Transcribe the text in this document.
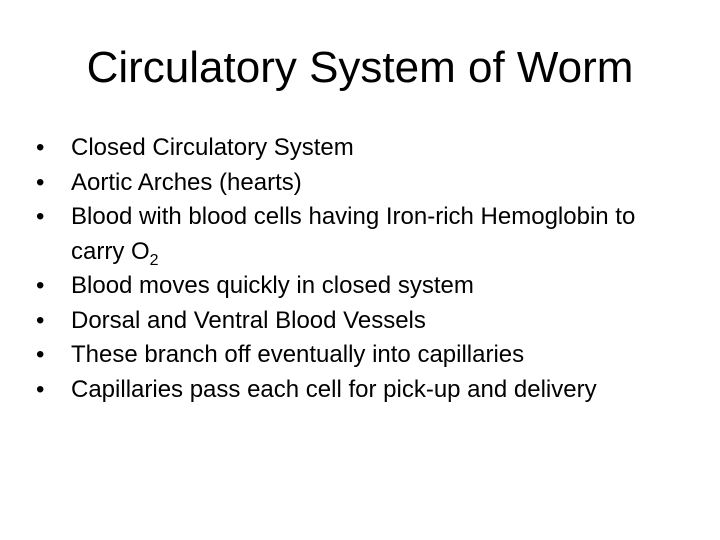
Circulatory System of Worm
•	Closed Circulatory System
•	Aortic Arches (hearts)
•	Blood with blood cells having Iron-rich Hemoglobin to carry $O_2$
•	Blood moves quickly in closed system
•	Dorsal and Ventral Blood Vessels
•	These branch off eventually into capillaries
•	Capillaries pass each cell for pick-up and delivery
